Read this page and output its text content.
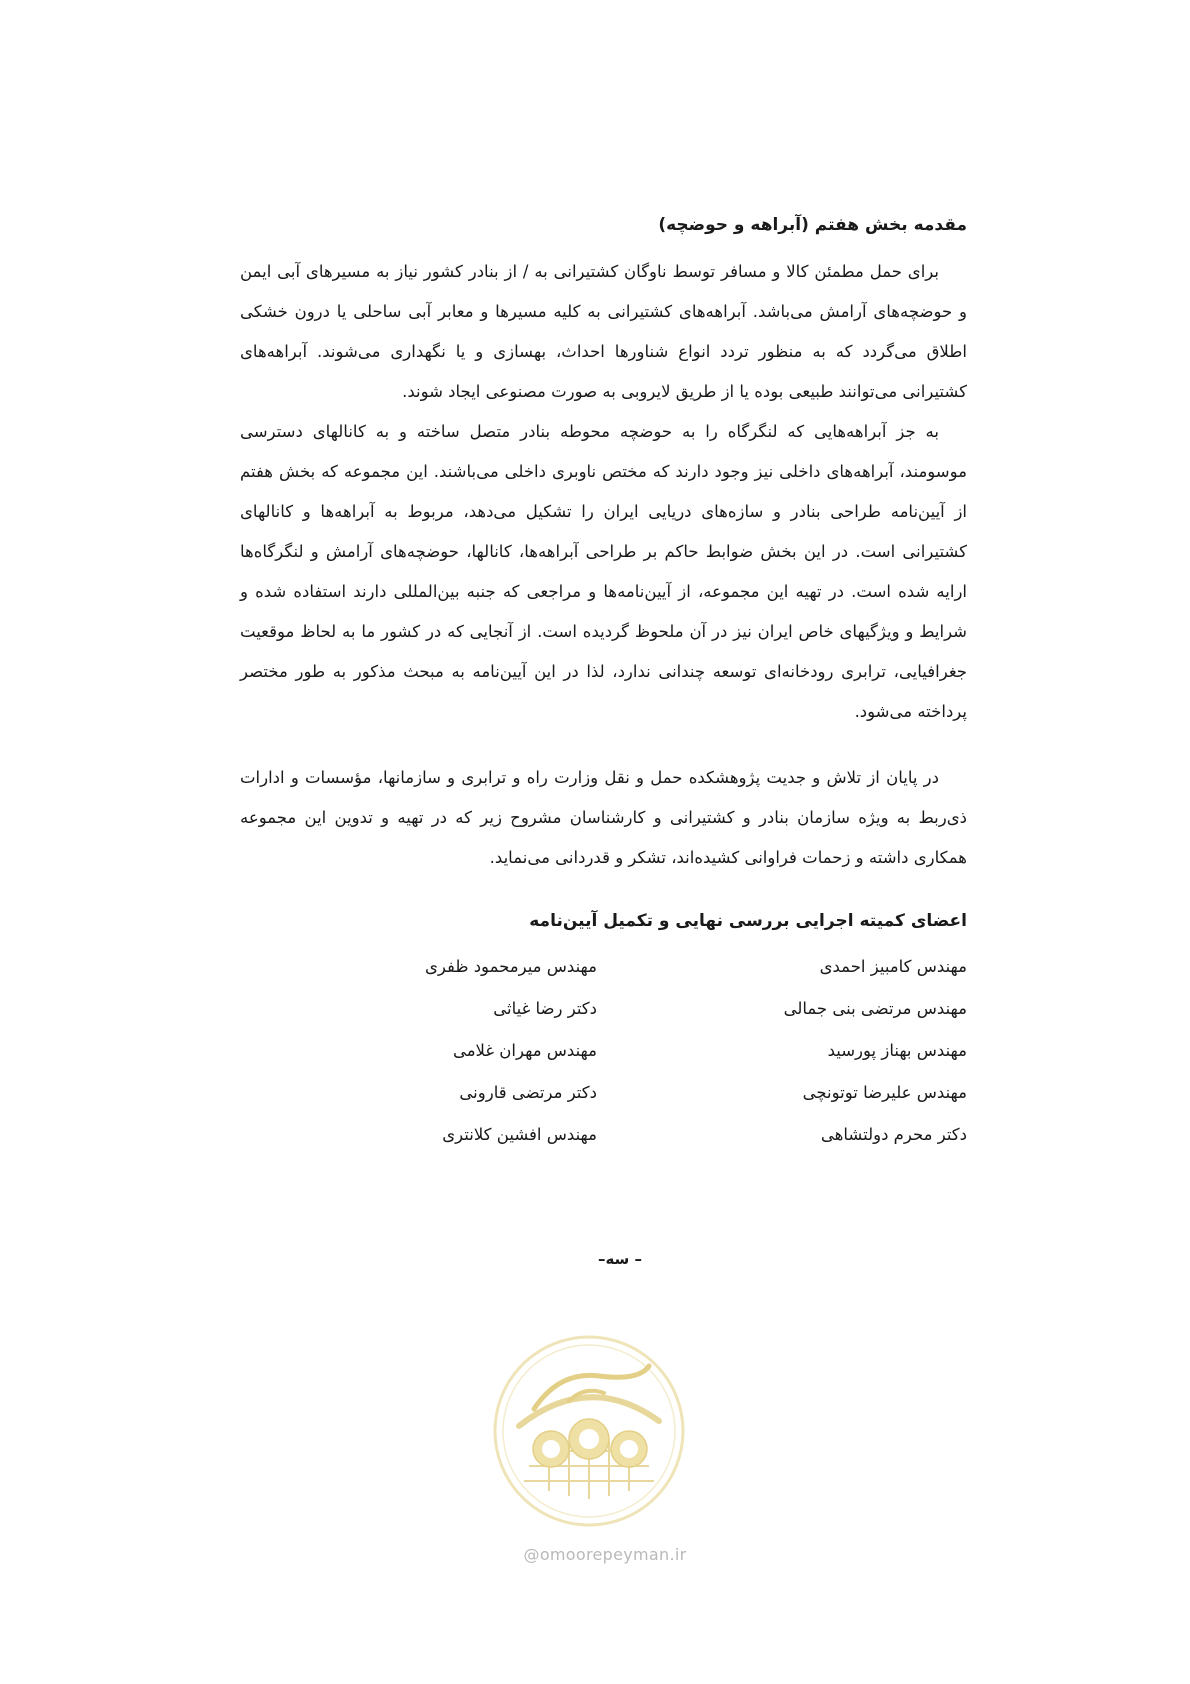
مقدمه بخش هفتم (آبراهه و حوضچه)

برای حمل مطمئن کالا و مسافر توسط ناوگان کشتیرانی به / از بنادر کشور نیاز به مسیرهای آبی ایمن و حوضچه‌های آرامش می‌باشد. آبراهه‌های کشتیرانی به کلیه مسیرها و معابر آبی ساحلی یا درون خشکی اطلاق می‌گردد که به منظور تردد انواع شناورها احداث، بهسازی و یا نگهداری می‌شوند. آبراهه‌های کشتیرانی می‌توانند طبیعی بوده یا از طریق لایروبی به صورت مصنوعی ایجاد شوند.

به جز آبراهه‌هایی که لنگرگاه را به حوضچه محوطه بنادر متصل ساخته و به کانالهای دسترسی موسومند، آبراهه‌های داخلی نیز وجود دارند که مختص ناوبری داخلی می‌باشند. این مجموعه که بخش هفتم از آیین‌نامه طراحی بنادر و سازه‌های دریایی ایران را تشکیل می‌دهد، مربوط به آبراهه‌ها و کانالهای کشتیرانی است. در این بخش ضوابط حاکم بر طراحی آبراهه‌ها، کانالها، حوضچه‌های آرامش و لنگرگاه‌ها ارایه شده است. در تهیه این مجموعه، از آیین‌نامه‌ها و مراجعی که جنبه بین‌المللی دارند استفاده شده و شرایط و ویژگیهای خاص ایران نیز در آن ملحوظ گردیده است. از آنجایی که در کشور ما به لحاظ موقعیت جغرافیایی، ترابری رودخانه‌ای توسعه چندانی ندارد، لذا در این آیین‌نامه به مبحث مذکور به طور مختصر پرداخته می‌شود.

در پایان از تلاش و جدیت پژوهشکده حمل و نقل وزارت راه و ترابری و سازمانها، مؤسسات و ادارات ذی‌ربط به ویژه سازمان بنادر و کشتیرانی و کارشناسان مشروح زیر که در تهیه و تدوین این مجموعه همکاری داشته و زحمات فراوانی کشیده‌اند، تشکر و قدردانی می‌نماید.

اعضای کمیته اجرایی بررسی نهایی و تکمیل آیین‌نامه
مهندس کامبیز احمدی
مهندس میرمحمود ظفری
مهندس مرتضی بنی جمالی
دکتر رضا غیاثی
مهندس بهناز پورسید
مهندس مهران غلامی
مهندس علیرضا توتونچی
دکتر مرتضی قارونی
دکتر محرم دولتشاهی
مهندس افشین کلانتری
– سه–
@omoorepeyman.ir
